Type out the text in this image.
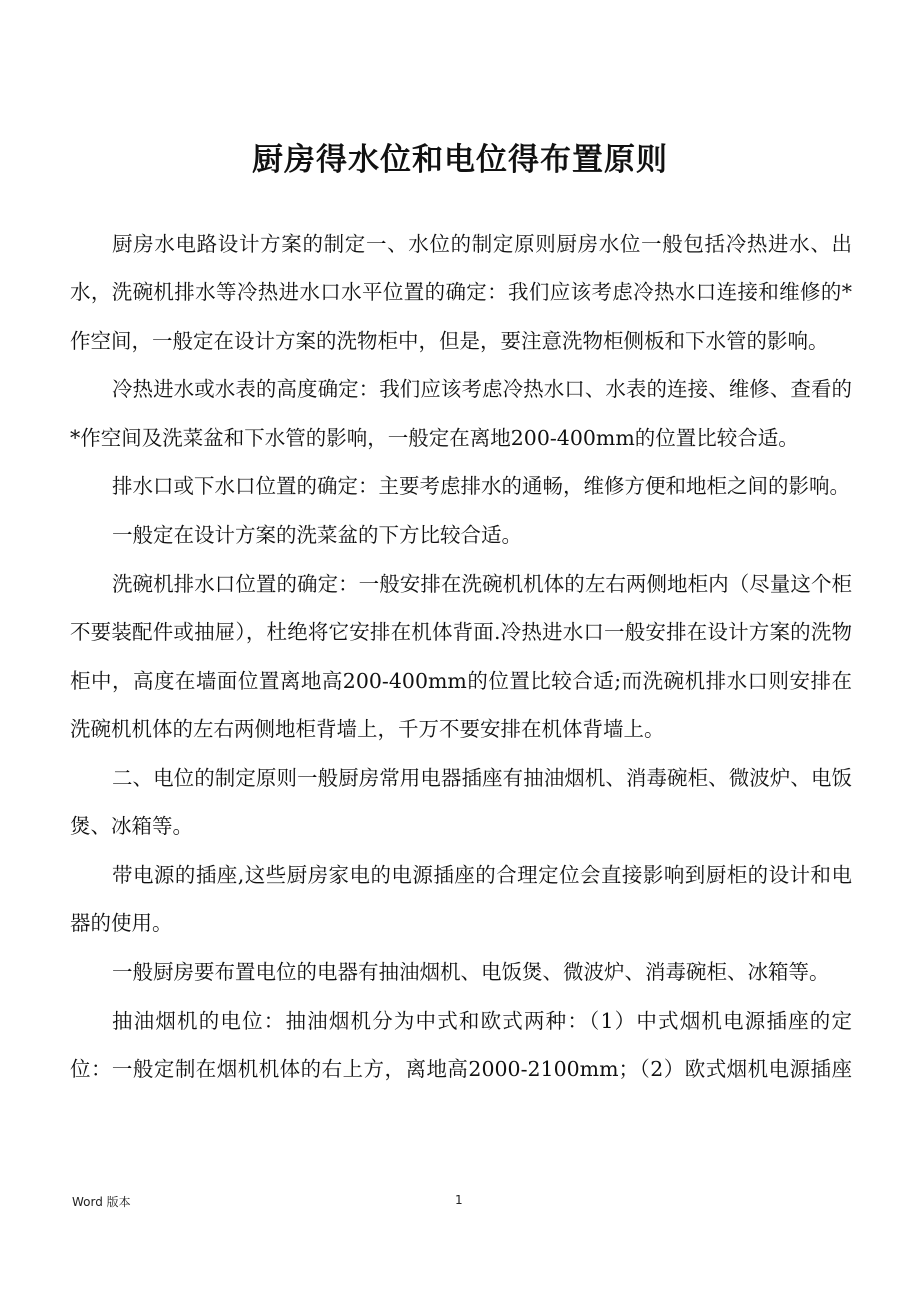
厨房得水位和电位得布置原则

厨房水电路设计方案的制定一、水位的制定原则厨房水位一般包括冷热进水、出水，洗碗机排水等冷热进水口水平位置的确定：我们应该考虑冷热水口连接和维修的*作空间，一般定在设计方案的洗物柜中，但是，要注意洗物柜侧板和下水管的影响。

冷热进水或水表的高度确定：我们应该考虑冷热水口、水表的连接、维修、查看的*作空间及洗菜盆和下水管的影响，一般定在离地200-400mm的位置比较合适。

排水口或下水口位置的确定：主要考虑排水的通畅，维修方便和地柜之间的影响。

一般定在设计方案的洗菜盆的下方比较合适。

洗碗机排水口位置的确定：一般安排在洗碗机机体的左右两侧地柜内（尽量这个柜不要装配件或抽屉），杜绝将它安排在机体背面.冷热进水口一般安排在设计方案的洗物柜中，高度在墙面位置离地高200-400mm的位置比较合适;而洗碗机排水口则安排在洗碗机机体的左右两侧地柜背墙上，千万不要安排在机体背墙上。

二、电位的制定原则一般厨房常用电器插座有抽油烟机、消毒碗柜、微波炉、电饭煲、冰箱等。

带电源的插座,这些厨房家电的电源插座的合理定位会直接影响到厨柜的设计和电器的使用。

一般厨房要布置电位的电器有抽油烟机、电饭煲、微波炉、消毒碗柜、冰箱等。

抽油烟机的电位：抽油烟机分为中式和欧式两种：（1）中式烟机电源插座的定位：一般定制在烟机机体的右上方，离地高2000-2100mm；（2）欧式烟机电源插座

Word 版本	1
